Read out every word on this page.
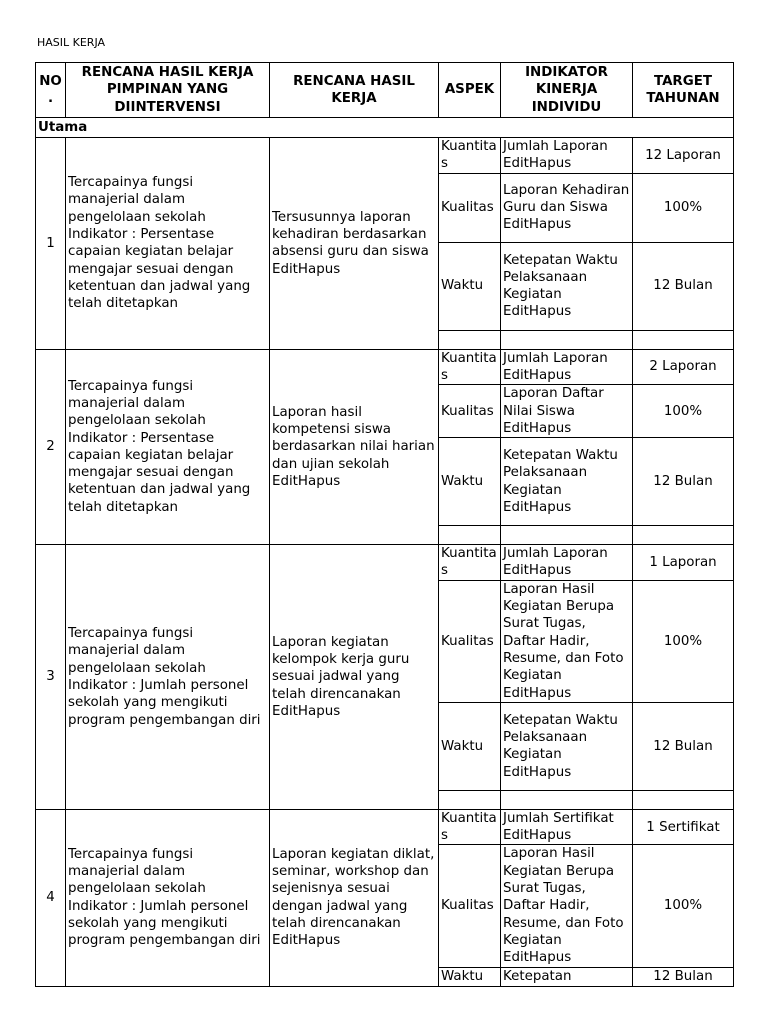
HASIL KERJA
NO .	RENCANA HASIL KERJA PIMPINAN YANG DIINTERVENSI	RENCANA HASIL KERJA	ASPEK	INDIKATOR KINERJA INDIVIDU	TARGET TAHUNAN
Utama					
1	Tercapainya fungsi manajerial dalam pengelolaan sekolah Indikator : Persentase capaian kegiatan belajar mengajar sesuai dengan ketentuan dan jadwal yang telah ditetapkan	Tersusunnya laporan kehadiran berdasarkan absensi guru dan siswa EditHapus	Kuantitas	Jumlah Laporan EditHapus	12 Laporan
			Kualitas	Laporan Kehadiran Guru dan Siswa EditHapus	100%
			Waktu	Ketepatan Waktu Pelaksanaan Kegiatan EditHapus	12 Bulan

2	Tercapainya fungsi manajerial dalam pengelolaan sekolah Indikator : Persentase capaian kegiatan belajar mengajar sesuai dengan ketentuan dan jadwal yang telah ditetapkan	Laporan hasil kompetensi siswa berdasarkan nilai harian dan ujian sekolah EditHapus	Kuantitas	Jumlah Laporan EditHapus	2 Laporan
			Kualitas	Laporan Daftar Nilai Siswa EditHapus	100%
			Waktu	Ketepatan Waktu Pelaksanaan Kegiatan EditHapus	12 Bulan

3	Tercapainya fungsi manajerial dalam pengelolaan sekolah Indikator : Jumlah personel sekolah yang mengikuti program pengembangan diri	Laporan kegiatan kelompok kerja guru sesuai jadwal yang telah direncanakan EditHapus	Kuantitas	Jumlah Laporan EditHapus	1 Laporan
			Kualitas	Laporan Hasil Kegiatan Berupa Surat Tugas, Daftar Hadir, Resume, dan Foto Kegiatan EditHapus	100%
			Waktu	Ketepatan Waktu Pelaksanaan Kegiatan EditHapus	12 Bulan

4	Tercapainya fungsi manajerial dalam pengelolaan sekolah Indikator : Jumlah personel sekolah yang mengikuti program pengembangan diri	Laporan kegiatan diklat, seminar, workshop dan sejenisnya sesuai dengan jadwal yang telah direncanakan EditHapus	Kuantitas	Jumlah Sertifikat EditHapus	1 Sertifikat
			Kualitas	Laporan Hasil Kegiatan Berupa Surat Tugas, Daftar Hadir, Resume, dan Foto Kegiatan EditHapus	100%
			Waktu	Ketepatan	12 Bulan
